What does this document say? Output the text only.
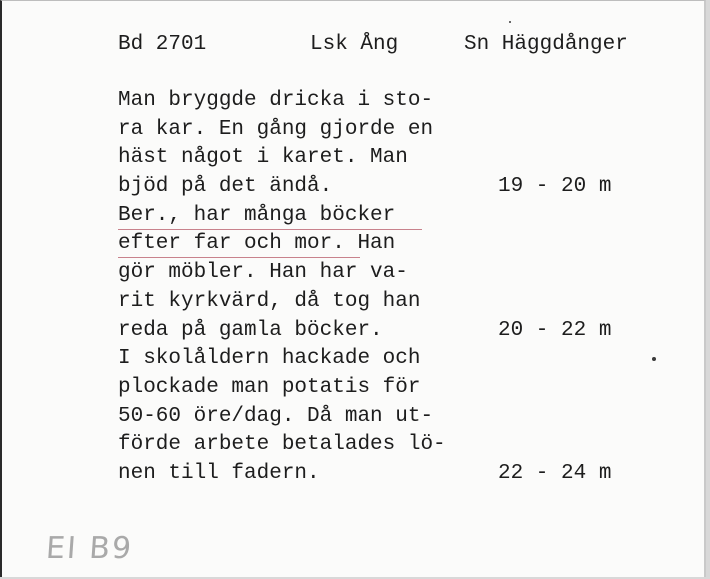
Bd 2701	Lsk Ång	Sn Häggdånger

Man bryggde dricka i sto-

ra kar. En gång gjorde en

häst något i karet. Man

bjöd på det ändå.

	19 - 20 m

Ber., har många böcker

efter far och mor. Han

gör möbler. Han har va-

rit kyrkvärd, då tog han

reda på gamla böcker.

	20 - 22 m

I skolåldern hackade och

plockade man potatis för

50-60 öre/dag. Då man ut-

förde arbete betalades lö-

nen till fadern.

	22 - 24 m

EI B9
